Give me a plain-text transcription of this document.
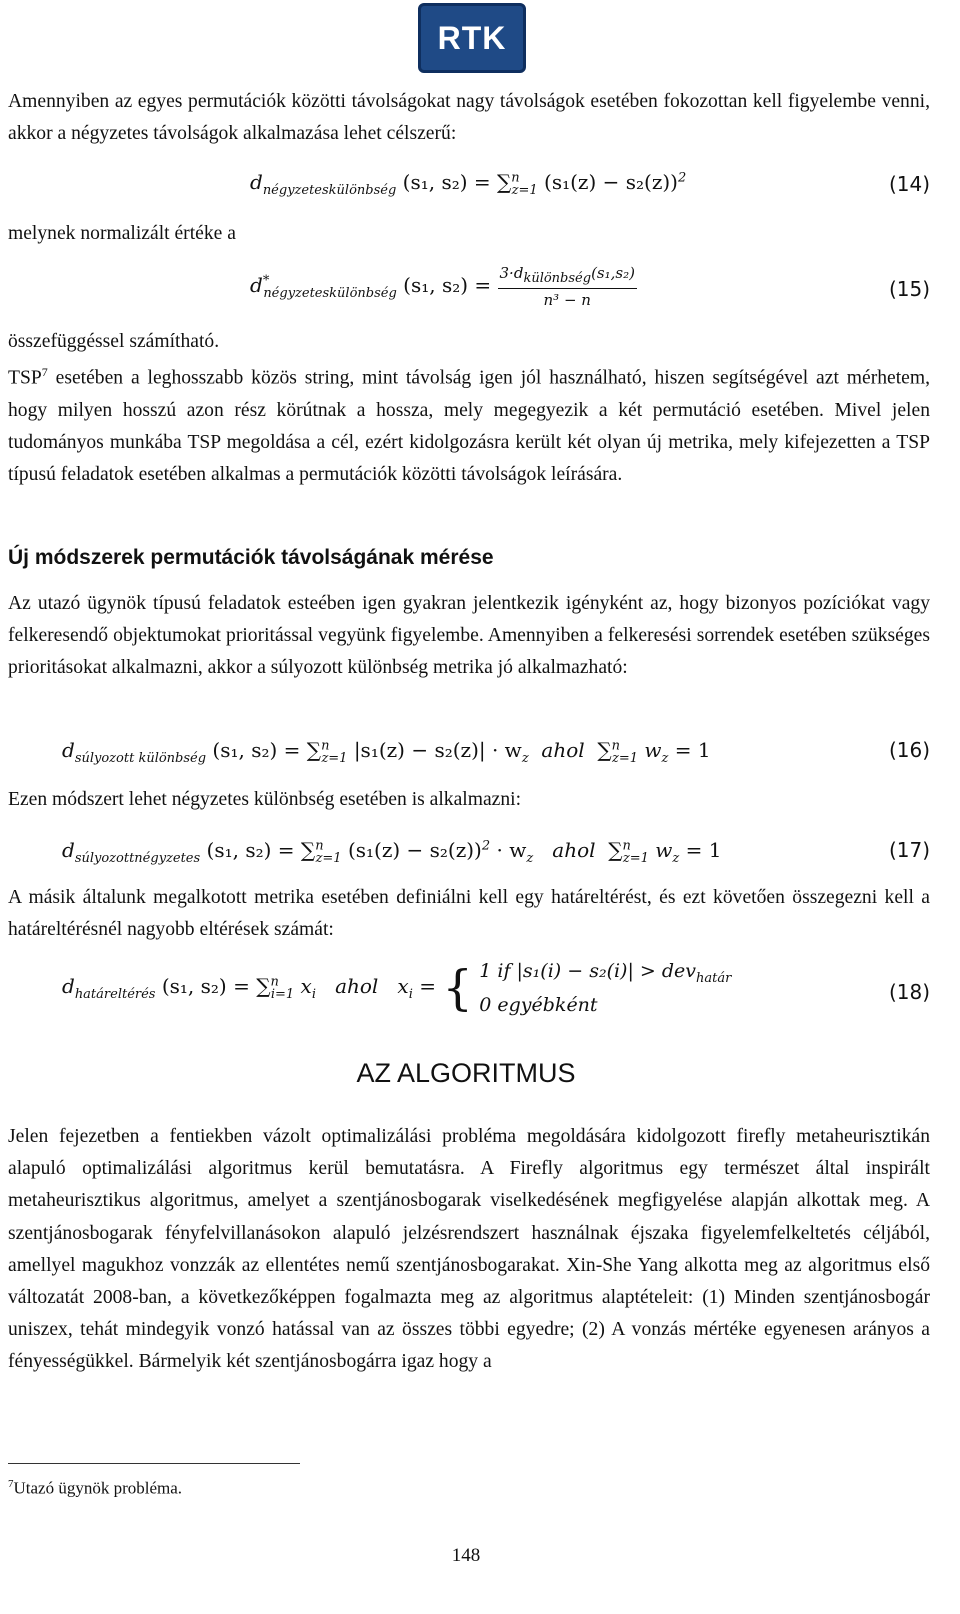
RTK
Amennyiben az egyes permutációk közötti távolságokat nagy távolságok esetében fokozottan kell figyelembe venni, akkor a négyzetes távolságok alkalmazása lehet célszerű:
$d_{négyzeteskülönbség}$ (s₁, s₂) = ∑$^n_{z=1}$ $(s_1(z) - s_2(z))^2$	(14)
melynek normalizált értéke a
$d^*_{négyzeteskülönbség}$ (s₁, $s_2) = \frac{3\cdot d_{különbség}(s_1,s_2)}{\text{n³ − n}}$	(15)
összefüggéssel számítható.
TSP$^7$ esetében a leghosszabb közös string, mint távolság igen jól használható, hiszen segítségével azt mérhetem, hogy milyen hosszú azon rész körútnak a hossza, mely megegyezik a két permutáció esetében. Mivel jelen tudományos munkába TSP megoldása a cél, ezért kidolgozásra került két olyan új metrika, mely kifejezetten a TSP típusú feladatok esetében alkalmas a permutációk közötti távolságok leírására.
Új módszerek permutációk távolságának mérése
Az utazó ügynök típusú feladatok esteében igen gyakran jelentkezik igényként az, hogy bizonyos pozíciókat vagy felkeresendő objektumokat prioritással vegyünk figyelembe. Amennyiben a felkeresési sorrendek esetében szükséges prioritásokat alkalmazni, akkor a súlyozott különbség metrika jó alkalmazható:
$d_{súlyozott különbség}$ (s₁, s₂) = ∑$^n_{z=1}$ $|s_1(z) - s_2(z)| \cdot w_z$ ahol ∑$^n_{z=1}$ $w_z = 1$	(16)
Ezen módszert lehet négyzetes különbség esetében is alkalmazni:
$d_{súlyozottnégyzetes}$ (s₁, s₂) = ∑$^n_{z=1}$ $(s_1(z) - s_2(z))^2 \cdot w_z$ ahol ∑$^n_{z=1}$ $w_z = 1$	(17)
A másik általunk megalkotott metrika esetében definiálni kell egy határeltérést, és ezt követően összegezni kell a határeltérésnél nagyobb eltérések számát:
$d_{határeltérés}$ (s₁, s₂) = ∑$^n_{i=1}$ $x_i$ ahol $x_i$ = { 1 if |s₁(i) − s₂(i)| > dev$_{határ}$
0 egyébként
(18)
AZ ALGORITMUS
Jelen fejezetben a fentiekben vázolt optimalizálási probléma megoldására kidolgozott firefly metaheurisztikán alapuló optimalizálási algoritmus kerül bemutatásra. A Firefly algoritmus egy természet által inspirált metaheurisztikus algoritmus, amelyet a szentjánosbogarak viselkedésének megfigyelése alapján alkottak meg. A szentjánosbogarak fényfelvillanásokon alapuló jelzésrendszert használnak éjszaka figyelemfelkeltetés céljából, amellyel magukhoz vonzzák az ellentétes nemű szentjánosbogarakat. Xin-She Yang alkotta meg az algoritmus első változatát 2008-ban, a következőképpen fogalmazta meg az algoritmus alaptételeit: (1) Minden szentjánosbogár uniszex, tehát mindegyik vonzó hatással van az összes többi egyedre; (2) A vonzás mértéke egyenesen arányos a fényességükkel. Bármelyik két szentjánosbogárra igaz hogy a
$^7$Utazó ügynök probléma.
148
